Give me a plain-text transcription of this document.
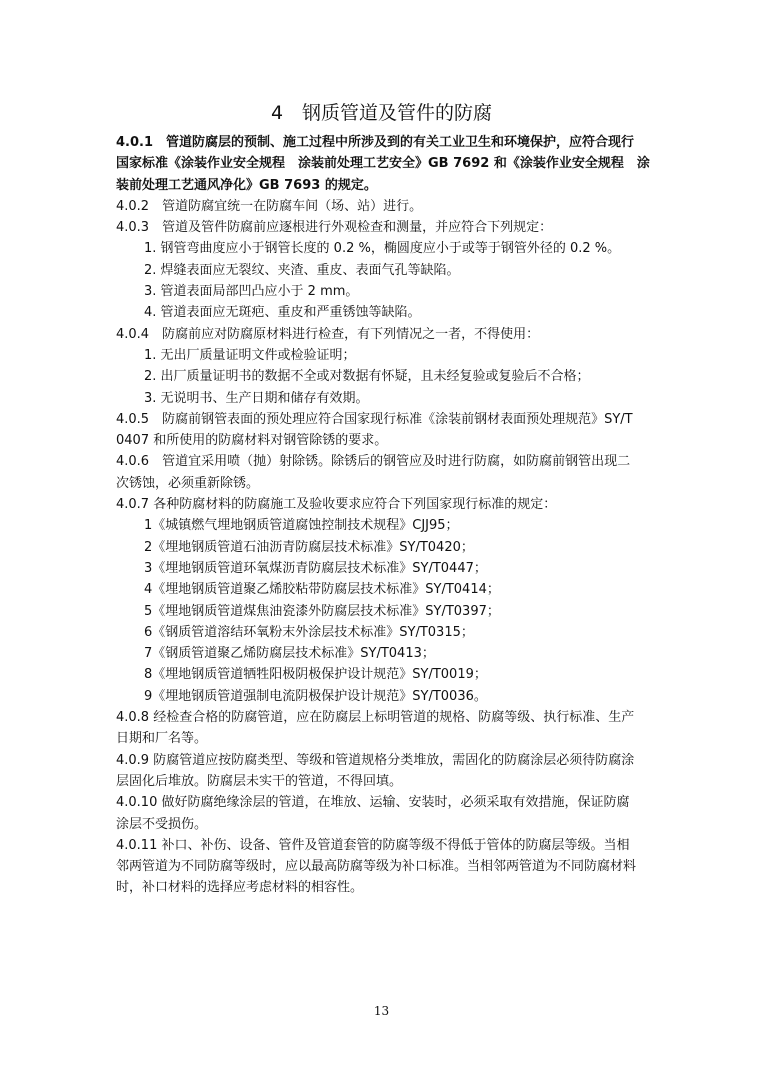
4　钢质管道及管件的防腐

4.0.1　管道防腐层的预制、施工过程中所涉及到的有关工业卫生和环境保护，应符合现行

国家标准《涂装作业安全规程　涂装前处理工艺安全》GB 7692 和《涂装作业安全规程　涂

装前处理工艺通风净化》GB 7693 的规定。

4.0.2　管道防腐宜统一在防腐车间（场、站）进行。

4.0.3　管道及管件防腐前应逐根进行外观检查和测量，并应符合下列规定：

1. 钢管弯曲度应小于钢管长度的 0.2 %，椭圆度应小于或等于钢管外径的 0.2 %。

2. 焊缝表面应无裂纹、夹渣、重皮、表面气孔等缺陷。

3. 管道表面局部凹凸应小于 2 mm。

4. 管道表面应无斑疤、重皮和严重锈蚀等缺陷。

4.0.4　防腐前应对防腐原材料进行检查，有下列情况之一者，不得使用：

1. 无出厂质量证明文件或检验证明；

2. 出厂质量证明书的数据不全或对数据有怀疑，且未经复验或复验后不合格；

3. 无说明书、生产日期和储存有效期。

4.0.5　防腐前钢管表面的预处理应符合国家现行标准《涂装前钢材表面预处理规范》SY/T

0407 和所使用的防腐材料对钢管除锈的要求。

4.0.6　管道宜采用喷（抛）射除锈。除锈后的钢管应及时进行防腐，如防腐前钢管出现二

次锈蚀，必须重新除锈。

4.0.7 各种防腐材料的防腐施工及验收要求应符合下列国家现行标准的规定：

1《城镇燃气埋地钢质管道腐蚀控制技术规程》CJJ95；

2《埋地钢质管道石油沥青防腐层技术标准》SY/T0420；

3《埋地钢质管道环氧煤沥青防腐层技术标准》SY/T0447；

4《埋地钢质管道聚乙烯胶粘带防腐层技术标准》SY/T0414；

5《埋地钢质管道煤焦油瓷漆外防腐层技术标准》SY/T0397；

6《钢质管道溶结环氧粉末外涂层技术标准》SY/T0315；

7《钢质管道聚乙烯防腐层技术标准》SY/T0413；

8《埋地钢质管道牺牲阳极阴极保护设计规范》SY/T0019；

9《埋地钢质管道强制电流阴极保护设计规范》SY/T0036。

4.0.8 经检查合格的防腐管道，应在防腐层上标明管道的规格、防腐等级、执行标准、生产

日期和厂名等。

4.0.9 防腐管道应按防腐类型、等级和管道规格分类堆放，需固化的防腐涂层必须待防腐涂

层固化后堆放。防腐层未实干的管道，不得回填。

4.0.10 做好防腐绝缘涂层的管道，在堆放、运输、安装时，必须采取有效措施，保证防腐

涂层不受损伤。

4.0.11 补口、补伤、设备、管件及管道套管的防腐等级不得低于管体的防腐层等级。当相

邻两管道为不同防腐等级时，应以最高防腐等级为补口标准。当相邻两管道为不同防腐材料

时，补口材料的选择应考虑材料的相容性。

13
